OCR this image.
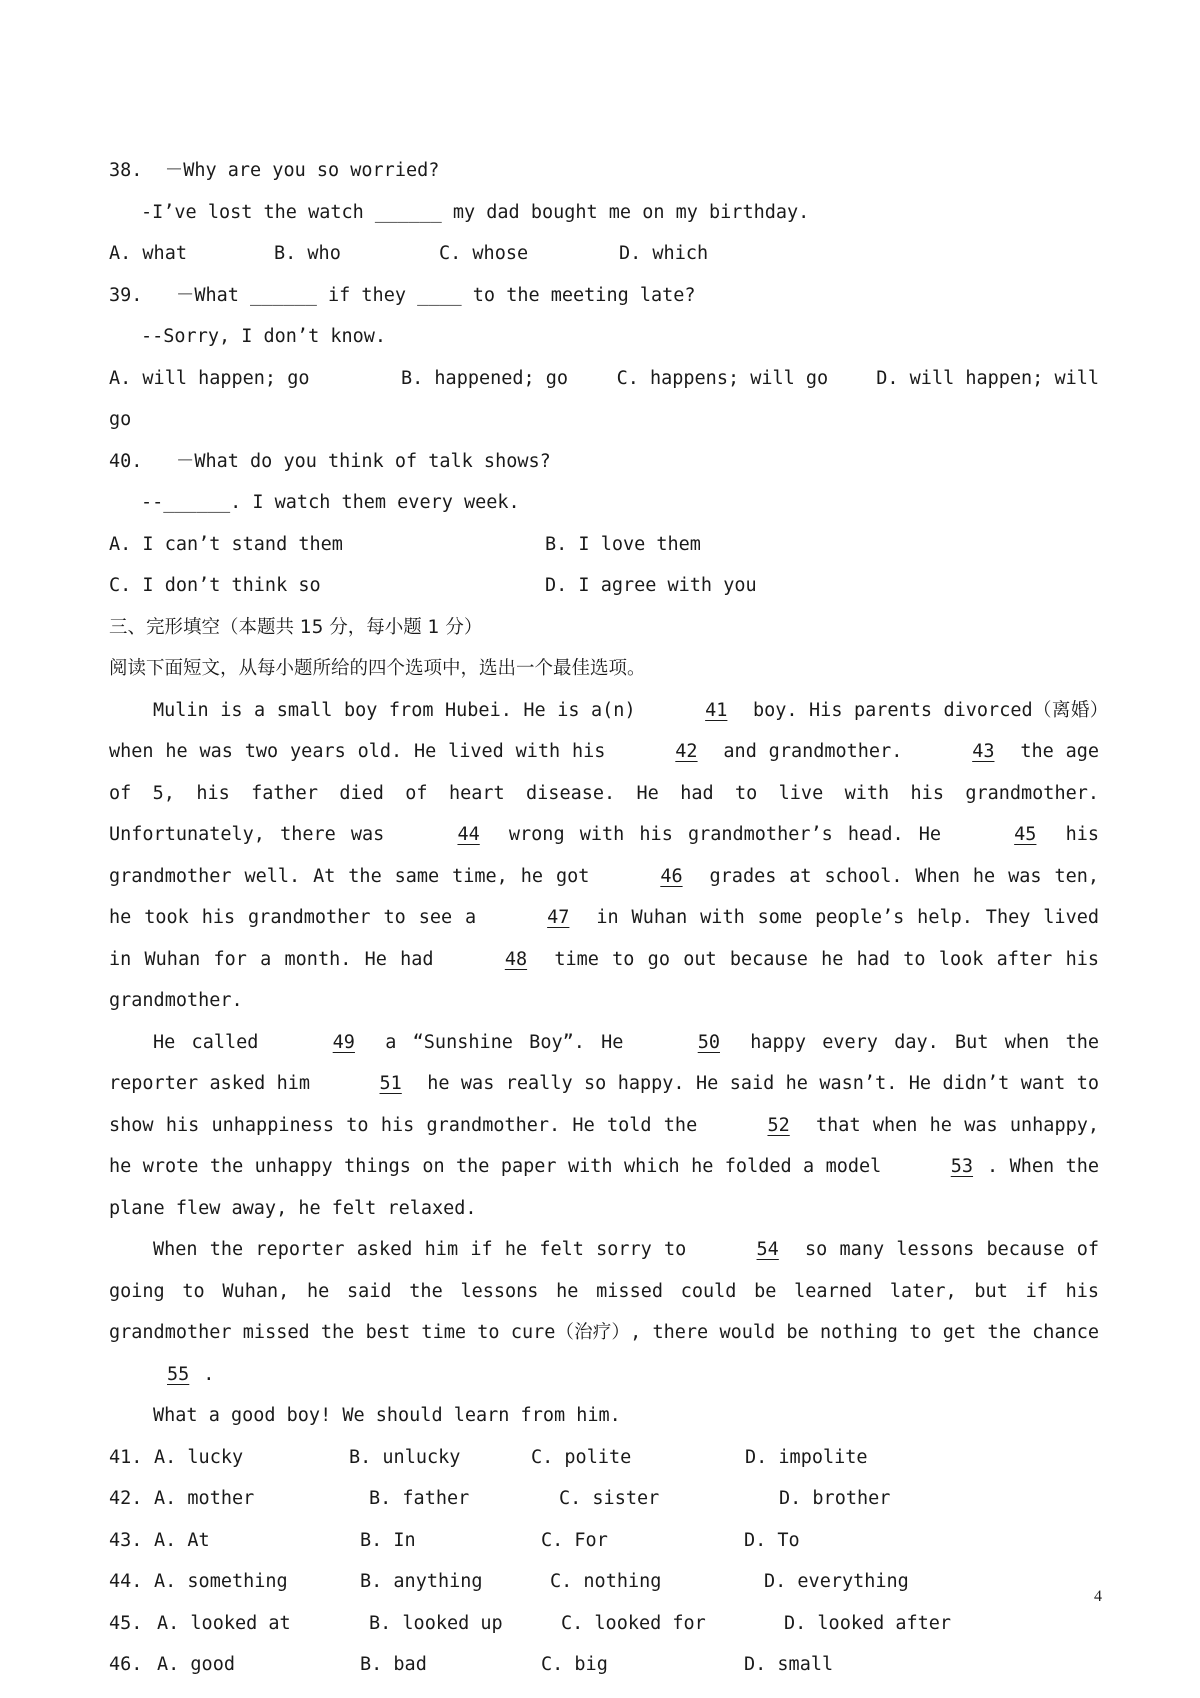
38. －Why are you so worried?
-I’ve lost the watch ______ my dad bought me on my birthday.
A. what	B. who	C. whose	D. which
39. －What ______ if they ____ to the meeting late?
--Sorry, I don’t know.
A. will happen; go	B. happened; go	C. happens; will go	D. will happen; will
go
40. －What do you think of talk shows?
--______. I watch them every week.
A. I can’t stand them	B. I love them
C. I don’t think so	D. I agree with you
三、完形填空（本题共 15 分，每小题 1 分）
阅读下面短文，从每小题所给的四个选项中，选出一个最佳选项。

Mulin is a small boy from Hubei. He is a(n)	41 boy. His parents divorced（离婚）when he was two years old. He lived with his	42 and grandmother.	43 the age of 5, his father died of heart disease. He had to live with his grandmother. Unfortunately, there was	44 wrong with his grandmother’s head. He	45 his grandmother well. At the same time, he got	46 grades at school. When he was ten, he took his grandmother to see a	47 in Wuhan with some people’s help. They lived in Wuhan for a month. He had	48 time to go out because he had to look after his grandmother.

He called	49 a “Sunshine Boy”. He	50 happy every day. But when the reporter asked him	51 he was really so happy. He said he wasn’t. He didn’t want to show his unhappiness to his grandmother. He told the	52 that when he was unhappy, he wrote the unhappy things on the paper with which he folded a model	53 . When the plane flew away, he felt relaxed.

When the reporter asked him if he felt sorry to	54 so many lessons because of going to Wuhan, he said the lessons he missed could be learned later, but if his grandmother missed the best time to cure（治疗）, there would be nothing to get the chance 55 .

What a good boy! We should learn from him.

41. A. lucky	B. unlucky	C. polite	D. impolite
42. A. mother	B. father	C. sister	D. brother
43. A. At	B. In	C. For	D. To
44. A. something	B. anything	C. nothing	D. everything
45. A. looked at	B. looked up	C. looked for	D. looked after
46. A. good	B. bad	C. big	D. small
4
